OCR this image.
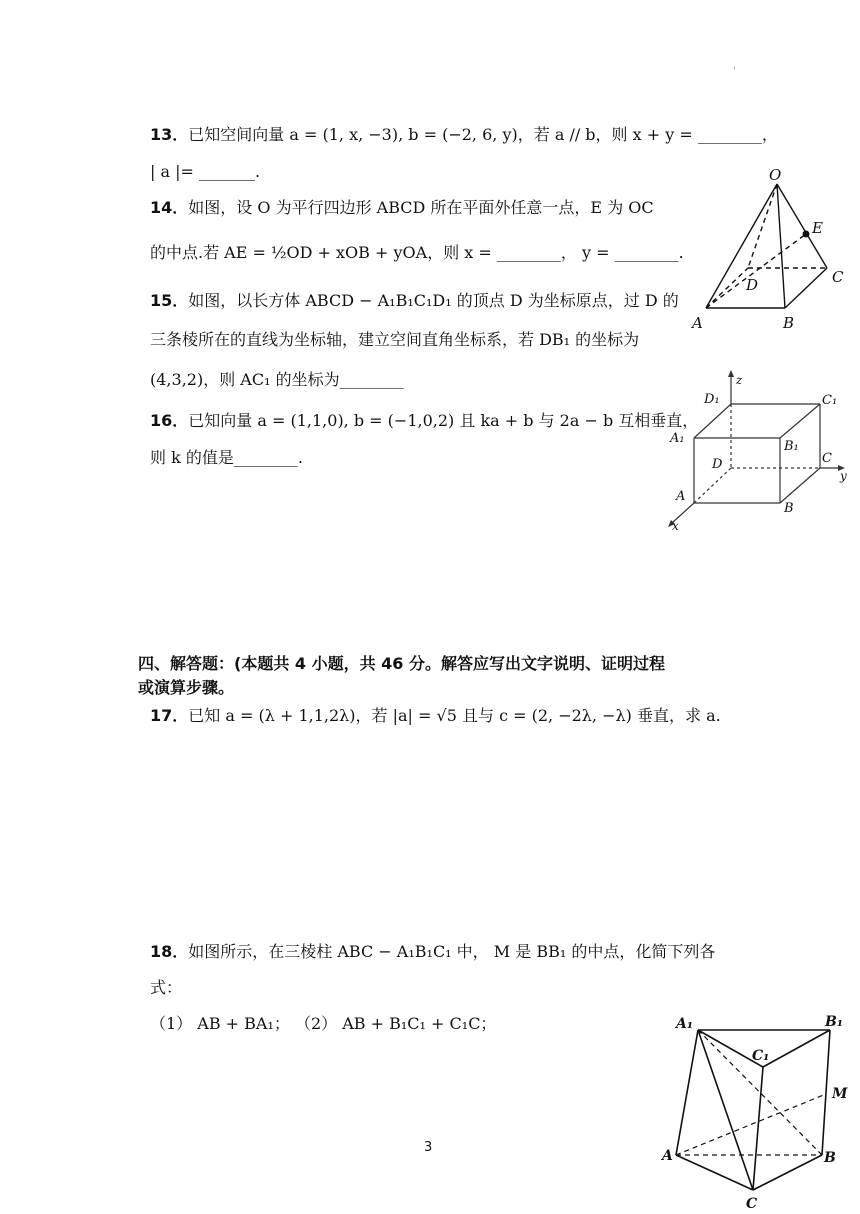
'
13．已知空间向量 a = (1, x, −3), b = (−2, 6, y)，若 a // b，则 x + y = ________，
| a |= _______.
14．如图，设 O 为平行四边形 ABCD 所在平面外任意一点，E 为 OC
的中点.若 AE = ½OD + xOB + yOA，则 x = ________， y = ________.
15．如图，以长方体 ABCD − A₁B₁C₁D₁ 的顶点 D 为坐标原点，过 D 的
三条棱所在的直线为坐标轴，建立空间直角坐标系，若 DB₁ 的坐标为
(4,3,2)，则 AC₁ 的坐标为________
16．已知向量 a = (1,1,0), b = (−1,0,2) 且 ka + b 与 2a − b 互相垂直，
则 k 的值是________.
四、解答题：(本题共 4 小题，共 46 分。解答应写出文字说明、证明过程
或演算步骤。
17．已知 a = (λ + 1,1,2λ)，若 |a| = √5 且与 c = (2, −2λ, −λ) 垂直，求 a.
18．如图所示，在三棱柱 ABC − A₁B₁C₁ 中， M 是 BB₁ 的中点，化简下列各
式：
（1） AB + BA₁； （2） AB + B₁C₁ + C₁C；
3
O
E
C
D
A	B
z
D₁	C₁
A₁
B₁
D	C
y
A
B
x
A₁	B₁
C₁
M
A	B
C
